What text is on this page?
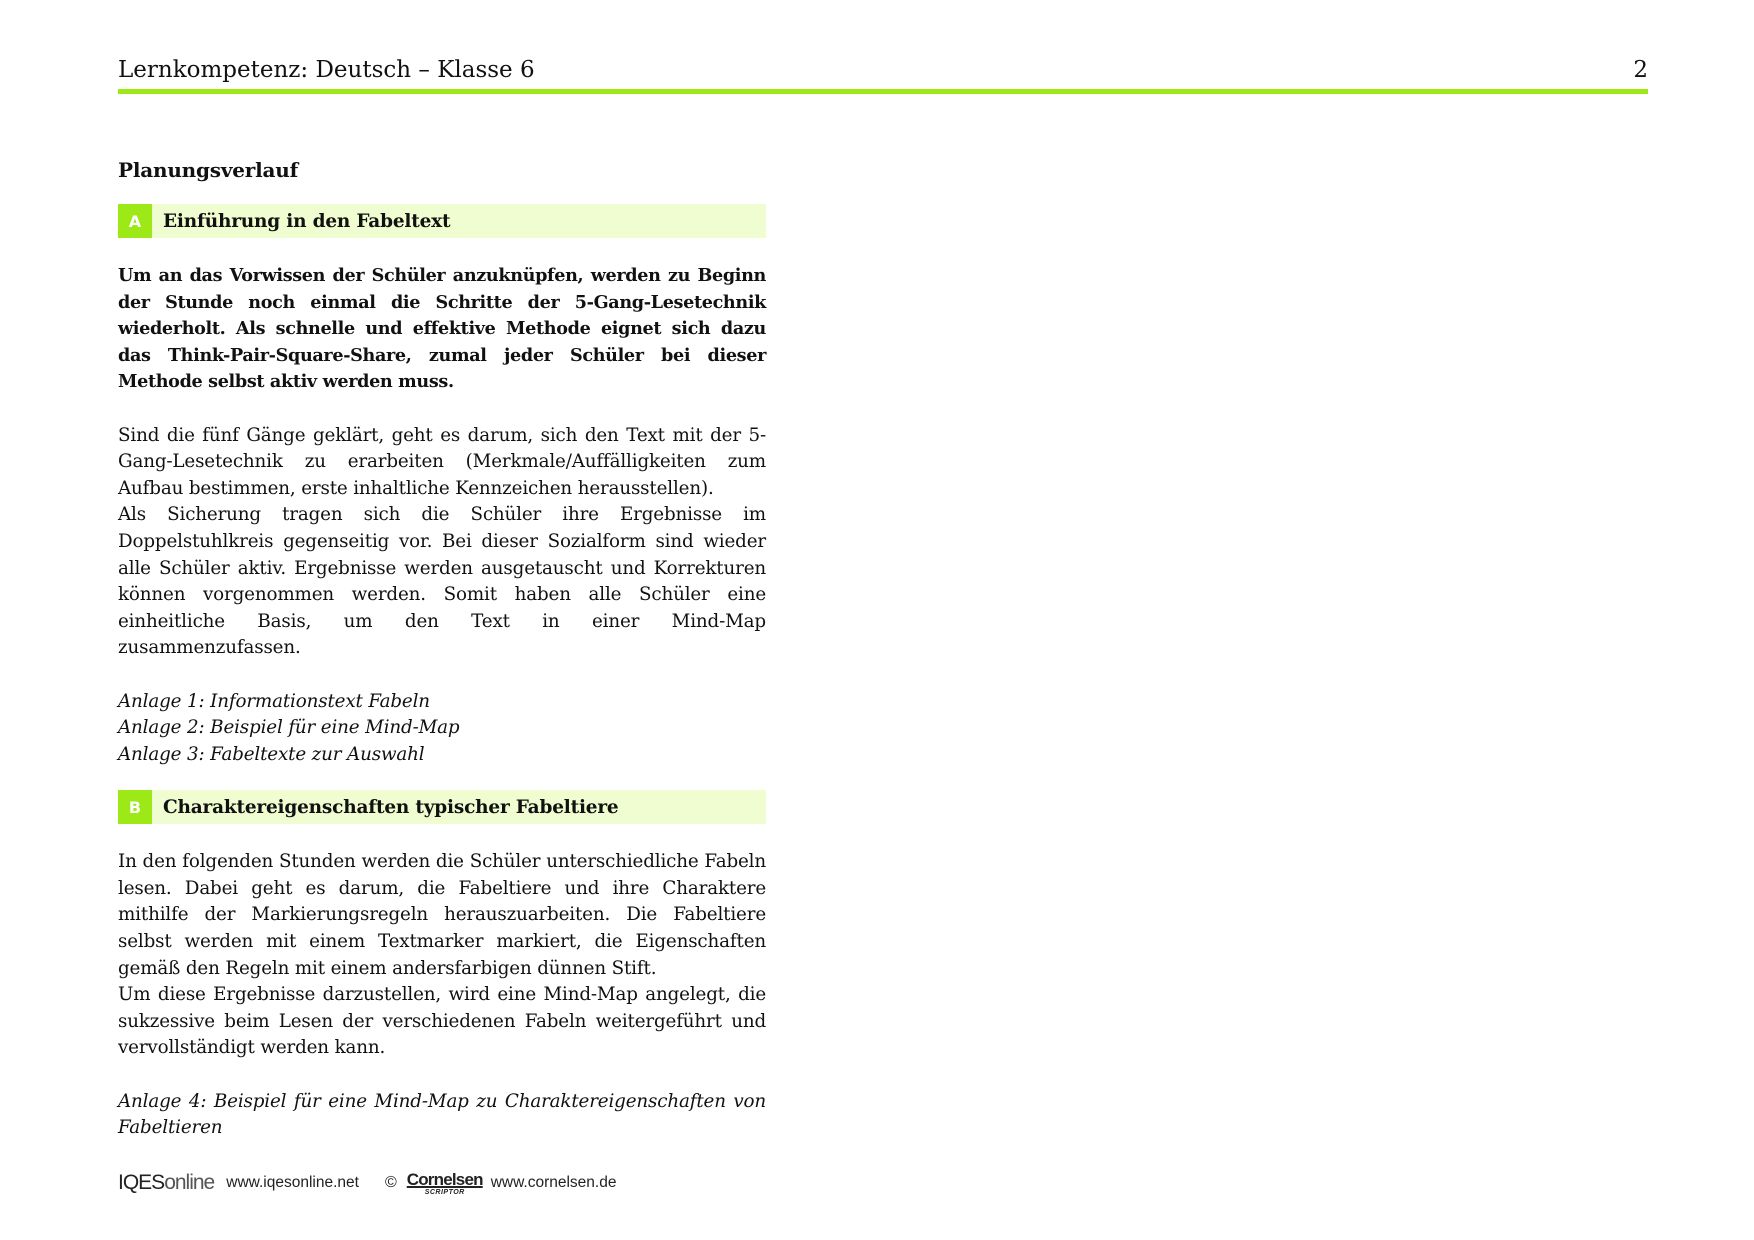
Lernkompetenz: Deutsch – Klasse 6	2
Planungsverlauf
A	Einführung in den Fabeltext

Um an das Vorwissen der Schüler anzuknüpfen, werden zu Beginn der Stunde noch einmal die Schritte der 5-Gang-Lesetechnik wiederholt. Als schnelle und effektive Methode eignet sich dazu das Think-Pair-Square-Share, zumal jeder Schüler bei dieser Methode selbst aktiv werden muss.

Sind die fünf Gänge geklärt, geht es darum, sich den Text mit der 5-Gang-Lesetechnik zu erarbeiten (Merkmale/Auffälligkeiten zum Aufbau bestimmen, erste inhaltliche Kennzeichen herausstellen).

Als Sicherung tragen sich die Schüler ihre Ergebnisse im Doppelstuhlkreis gegenseitig vor. Bei dieser Sozialform sind wieder alle Schüler aktiv. Ergebnisse werden ausgetauscht und Korrekturen können vorgenommen werden. Somit haben alle Schüler eine einheitliche Basis, um den Text in einer Mind-Map zusammenzufassen.

Anlage 1: Informationstext Fabeln

Anlage 2: Beispiel für eine Mind-Map

Anlage 3: Fabeltexte zur Auswahl

B	Charaktereigenschaften typischer Fabeltiere

In den folgenden Stunden werden die Schüler unterschiedliche Fabeln lesen. Dabei geht es darum, die Fabeltiere und ihre Charaktere mithilfe der Markierungsregeln herauszuarbeiten. Die Fabeltiere selbst werden mit einem Textmarker markiert, die Eigenschaften gemäß den Regeln mit einem andersfarbigen dünnen Stift.

Um diese Ergebnisse darzustellen, wird eine Mind-Map angelegt, die sukzessive beim Lesen der verschiedenen Fabeln weitergeführt und vervollständigt werden kann.

Anlage 4: Beispiel für eine Mind-Map zu Charaktereigenschaften von Fabeltieren

IQESonline www.iqesonline.net © Cornelsen
SCRIPTOR
www.cornelsen.de
